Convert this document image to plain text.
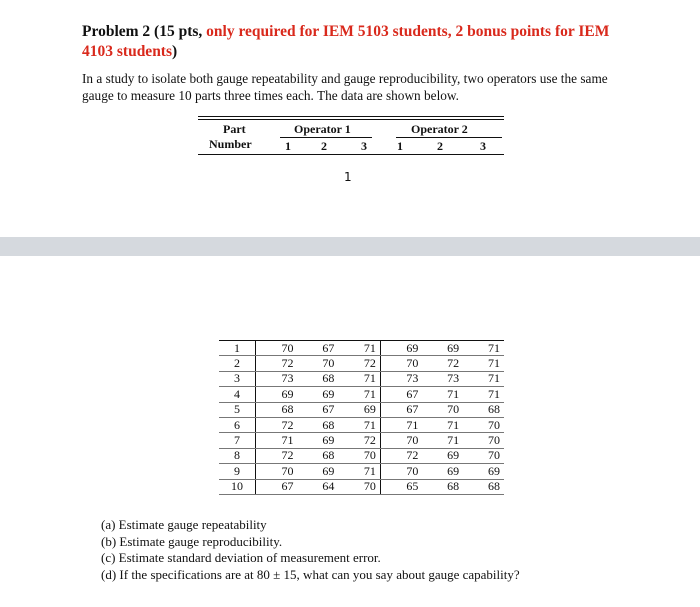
Problem 2 (15 pts, only required for IEM 5103 students, 2 bonus points for IEM 4103 students)
In a study to isolate both gauge repeatability and gauge reproducibility, two operators use the same gauge to measure 10 parts three times each. The data are shown below.
Part
Number
Operator 1	Operator 2
1	2	3	1	2	3
1
1	70	67	71	69	69	71
2	72	70	72	70	72	71
3	73	68	71	73	73	71
4	69	69	71	67	71	71
5	68	67	69	67	70	68
6	72	68	71	71	71	70
7	71	69	72	70	71	70
8	72	68	70	72	69	70
9	70	69	71	70	69	69
10	67	64	70	65	68	68
(a) Estimate gauge repeatability
(b) Estimate gauge reproducibility.
(c) Estimate standard deviation of measurement error.
(d) If the specifications are at 80 ± 15, what can you say about gauge capability?
